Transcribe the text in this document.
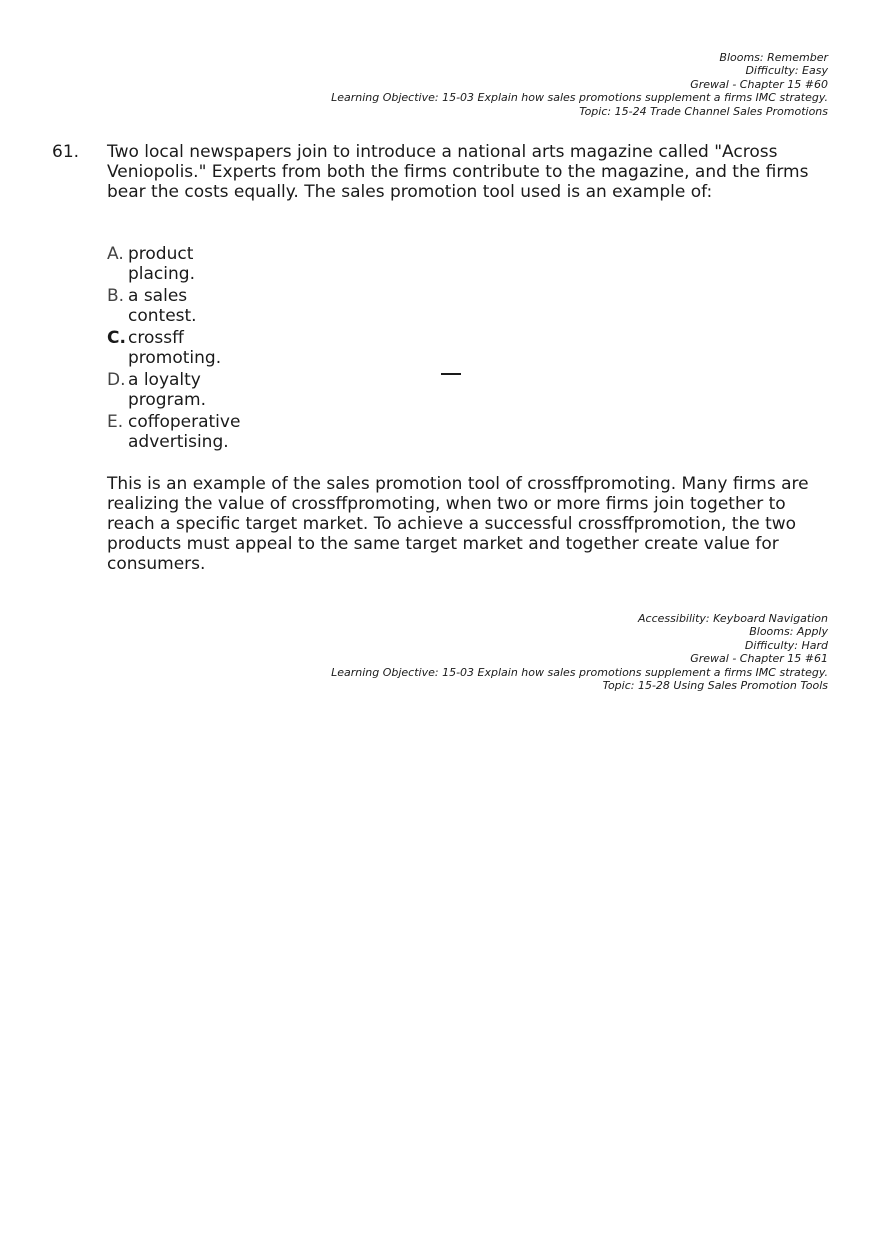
Blooms: Remember
Difficulty: Easy
Grewal - Chapter 15 #60
Learning Objective: 15-03 Explain how sales promotions supplement a firms IMC strategy.
Topic: 15-24 Trade Channel Sales Promotions
61. Two local newspapers join to introduce a national arts magazine called "Across Veniopolis." Experts from both the firms contribute to the magazine, and the firms bear the costs equally. The sales promotion tool used is an example of:
A. product placing.
B. a sales contest.
C. crossff promoting.
D. a loyalty program.
E. coffoperative advertising.
This is an example of the sales promotion tool of crossffpromoting. Many firms are realizing the value of crossffpromoting, when two or more firms join together to reach a specific target market. To achieve a successful crossffpromotion, the two products must appeal to the same target market and together create value for consumers.
Accessibility: Keyboard Navigation
Blooms: Apply
Difficulty: Hard
Grewal - Chapter 15 #61
Learning Objective: 15-03 Explain how sales promotions supplement a firms IMC strategy.
Topic: 15-28 Using Sales Promotion Tools
